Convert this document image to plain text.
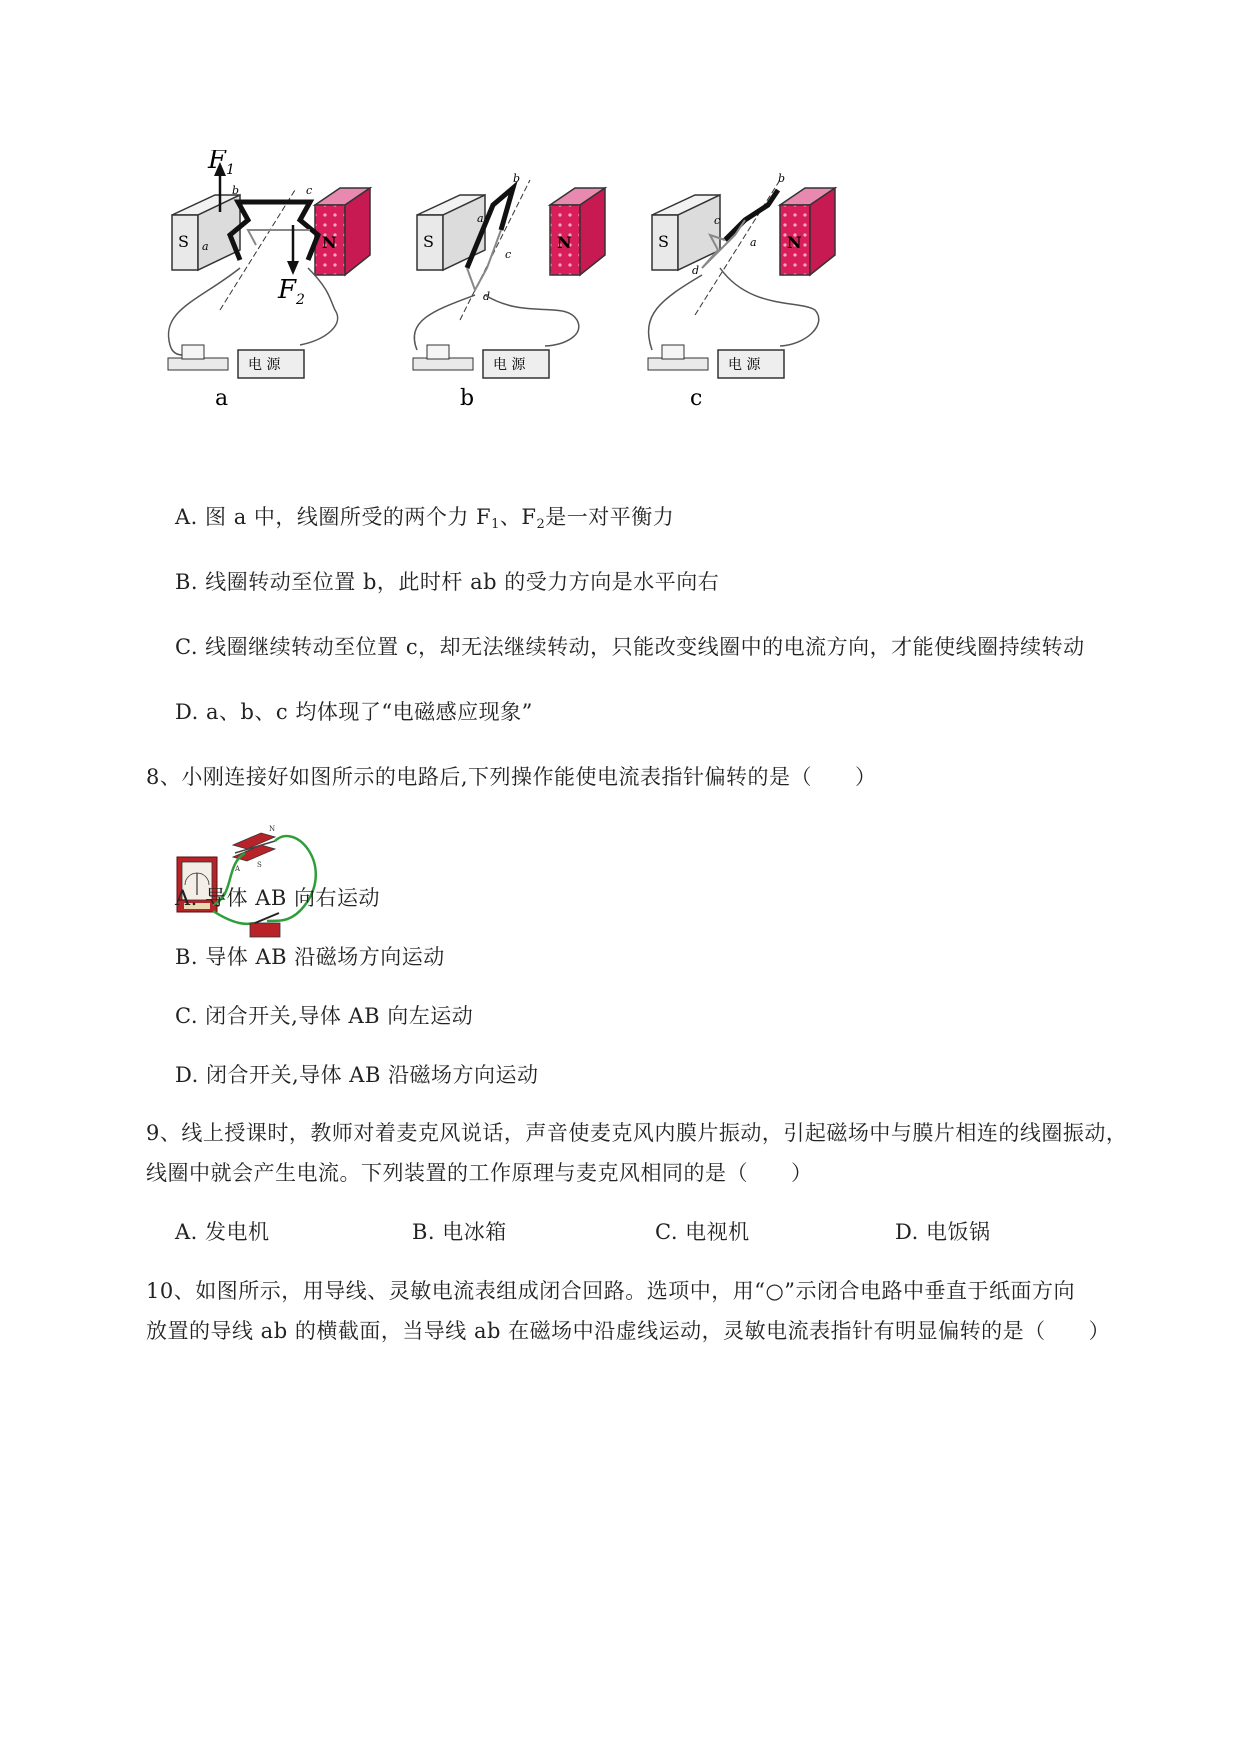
S	N
$F_1$
$F_2$
b	c
a
电 源
a
S	N
b
a
c
d
电 源
b
S	N
b
c
a
d
电 源
c
A. 图 a 中，线圈所受的两个力 $F_1$、$F_2$是一对平衡力
B. 线圈转动至位置 b，此时杆 ab 的受力方向是水平向右
C. 线圈继续转动至位置 c，却无法继续转动，只能改变线圈中的电流方向，才能使线圈持续转动
D. a、b、c 均体现了“电磁感应现象”
8、小刚连接好如图所示的电路后,下列操作能使电流表指针偏转的是（　　）
N
A S
A. 导体 AB 向右运动
B. 导体 AB 沿磁场方向运动
C. 闭合开关,导体 AB 向左运动
D. 闭合开关,导体 AB 沿磁场方向运动
9、线上授课时，教师对着麦克风说话，声音使麦克风内膜片振动，引起磁场中与膜片相连的线圈振动，
线圈中就会产生电流。下列装置的工作原理与麦克风相同的是（　　）
A. 发电机	B. 电冰箱	C. 电视机	D. 电饭锅
10、如图所示，用导线、灵敏电流表组成闭合回路。选项中，用“○”示闭合电路中垂直于纸面方向
放置的导线 ab 的横截面，当导线 ab 在磁场中沿虚线运动，灵敏电流表指针有明显偏转的是（　　）
